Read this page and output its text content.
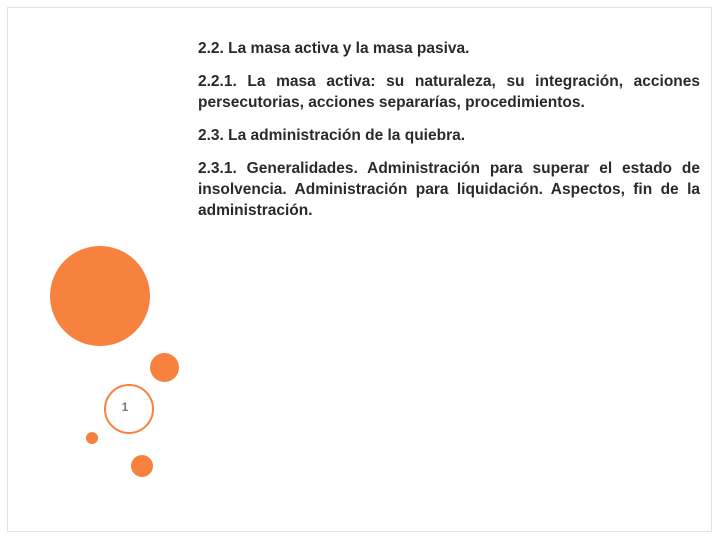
1

2.2. La masa activa y la masa pasiva.

2.2.1. La masa activa: su naturaleza, su integración, acciones persecutorias, acciones separarías, procedimientos.

2.3. La administración de la quiebra.

2.3.1. Generalidades. Administración para superar el estado de insolvencia. Administración para liquidación. Aspectos, fin de la administración.
